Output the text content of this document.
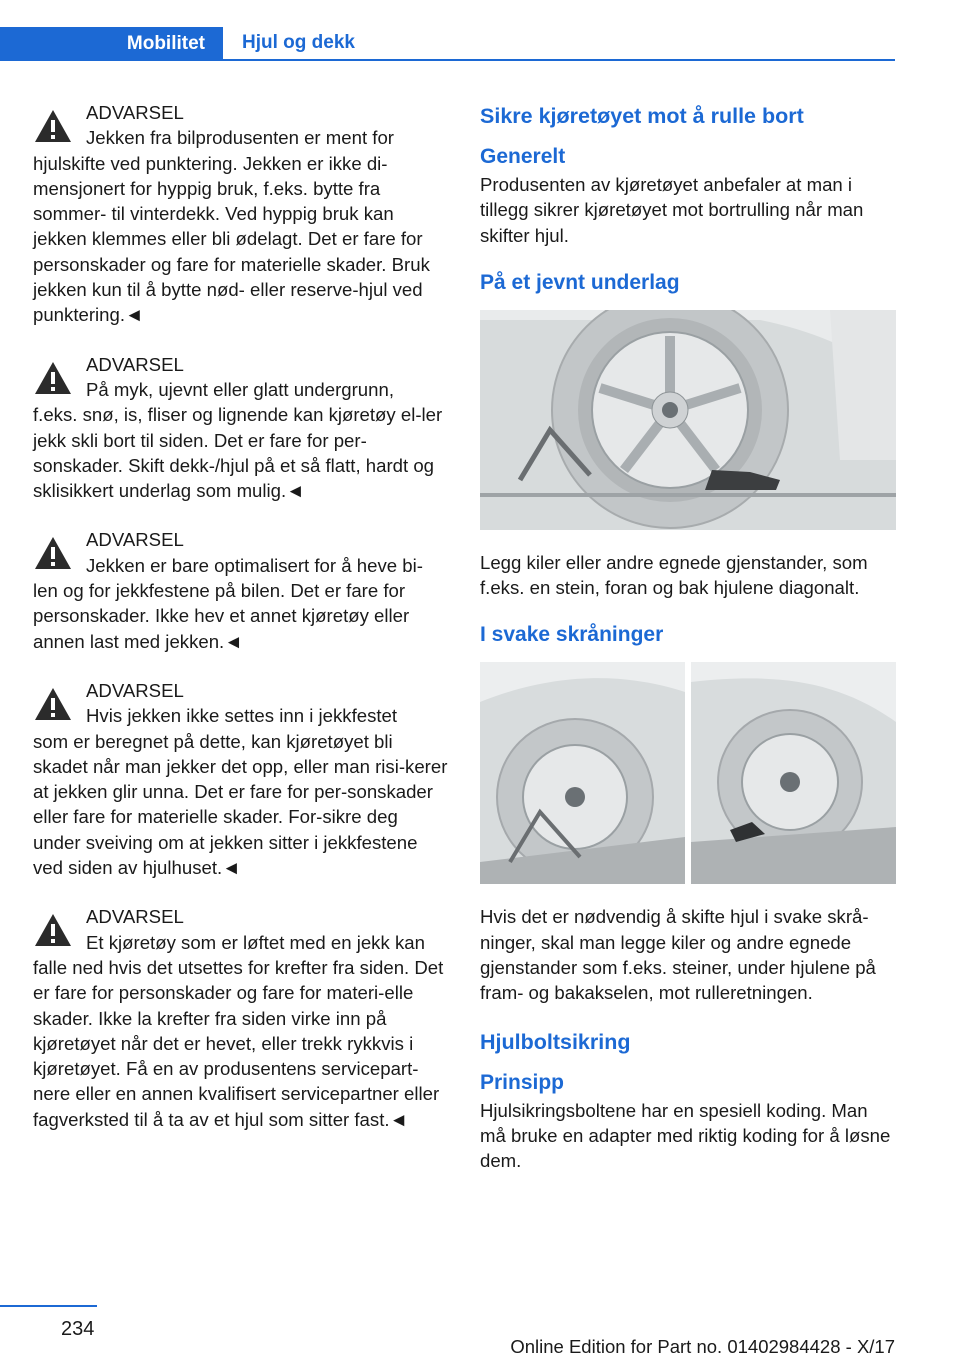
Mobilitet	Hjul og dekk
ADVARSEL
Jekken fra bilprodusenten er ment for

hjulskifte ved punktering. Jekken er ikke di-mensjonert for hyppig bruk, f.eks. bytte fra sommer- til vinterdekk. Ved hyppig bruk kan jekken klemmes eller bli ødelagt. Det er fare for personskader og fare for materielle skader. Bruk jekken kun til å bytte nød- eller reserve-hjul ved punktering.◄

ADVARSEL
På myk, ujevnt eller glatt undergrunn,

f.eks. snø, is, fliser og lignende kan kjøretøy el-ler jekk skli bort til siden. Det er fare for per-sonskader. Skift dekk-/hjul på et så flatt, hardt og sklisikkert underlag som mulig.◄

ADVARSEL
Jekken er bare optimalisert for å heve bi-

len og for jekkfestene på bilen. Det er fare for personskader. Ikke hev et annet kjøretøy eller annen last med jekken.◄

ADVARSEL
Hvis jekken ikke settes inn i jekkfestet

som er beregnet på dette, kan kjøretøyet bli skadet når man jekker det opp, eller man risi-kerer at jekken glir unna. Det er fare for per-sonskader eller fare for materielle skader. For-sikre deg under sveiving om at jekken sitter i jekkfestene ved siden av hjulhuset.◄

ADVARSEL
Et kjøretøy som er løftet med en jekk kan

falle ned hvis det utsettes for krefter fra siden. Det er fare for personskader og fare for materi-elle skader. Ikke la krefter fra siden virke inn på kjøretøyet når det er hevet, eller trekk rykkvis i kjøretøyet. Få en av produsentens servicepart-nere eller en annen kvalifisert servicepartner eller fagverksted til å ta av et hjul som sitter fast.◄

Sikre kjøretøyet mot å rulle bort
Generelt

Produsenten av kjøretøyet anbefaler at man i tillegg sikrer kjøretøyet mot bortrulling når man skifter hjul.

På et jevnt underlag

Legg kiler eller andre egnede gjenstander, som f.eks. en stein, foran og bak hjulene diagonalt.

I svake skråninger

Hvis det er nødvendig å skifte hjul i svake skrå-ninger, skal man legge kiler og andre egnede gjenstander som f.eks. steiner, under hjulene på fram- og bakakselen, mot rulleretningen.

Hjulboltsikring
Prinsipp

Hjulsikringsboltene har en spesiell koding. Man må bruke en adapter med riktig koding for å løsne dem.

234
Online Edition for Part no. 01402984428 - X/17
